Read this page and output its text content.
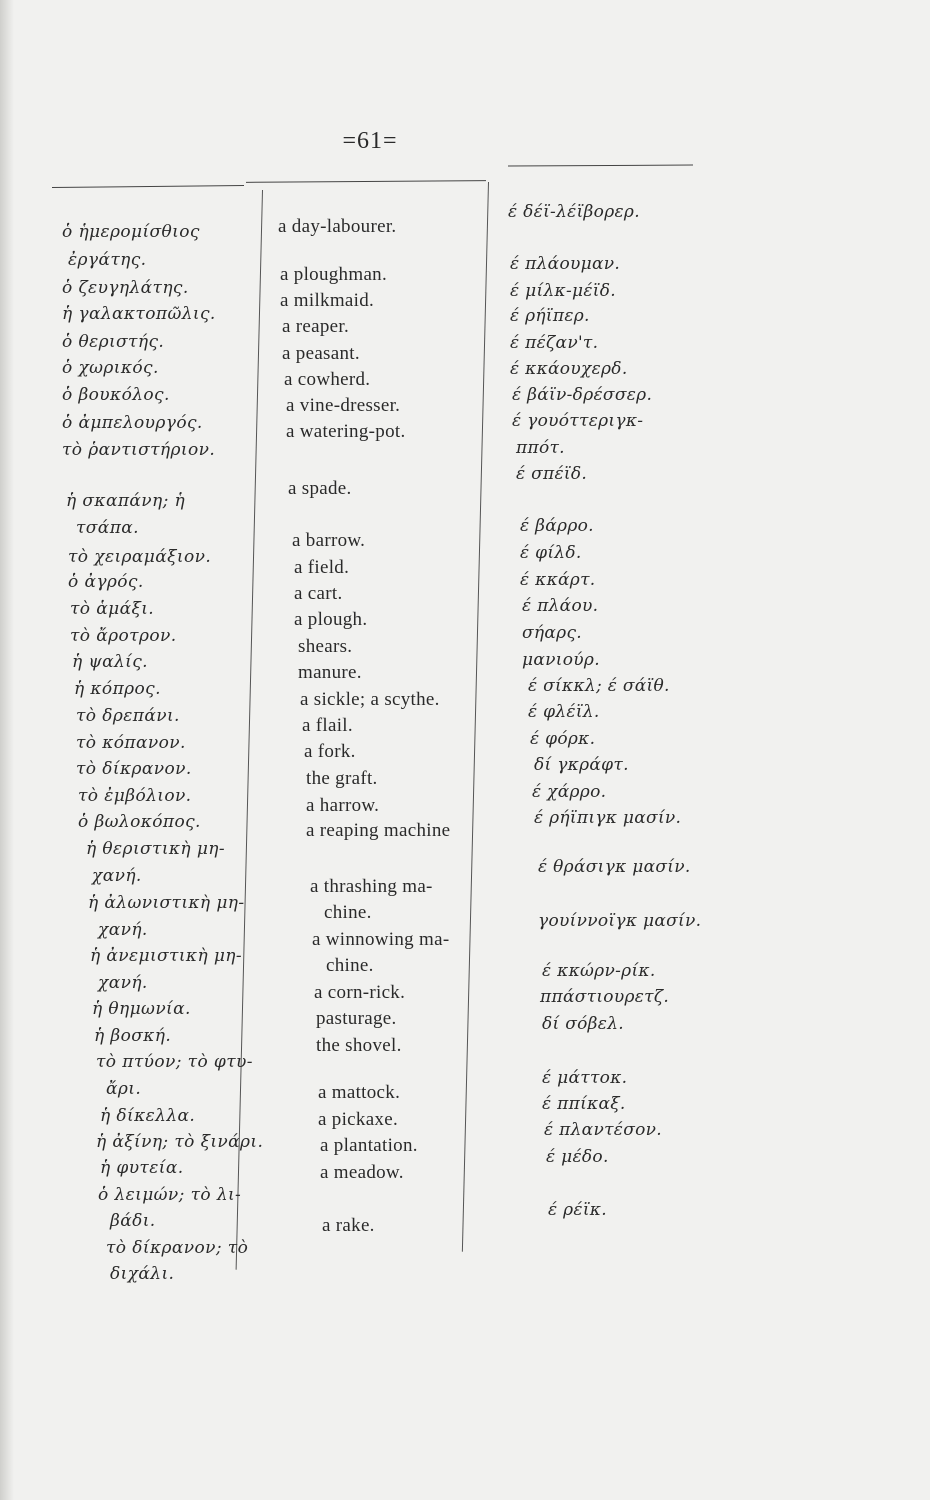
=61=
ὁ ἡμερομίσθιος
ἐργάτης.
ὁ ζευγηλάτης.
ἡ γαλακτοπῶλις.
ὁ θεριστής.
ὁ χωρικός.
ὁ βουκόλος.
ὁ ἀμπελουργός.
τὸ ῥαντιστήριον.
ἡ σκαπάνη; ἡ
τσάπα.
τὸ χειραμάξιον.
ὁ ἀγρός.
τὸ ἁμάξι.
τὸ ἄροτρον.
ἡ ψαλίς.
ἡ κόπρος.
τὸ δρεπάνι.
τὸ κόπανον.
τὸ δίκρανον.
τὸ ἐμβόλιον.
ὁ βωλοκόπος.
ἡ θεριστικὴ μη-
χανή.
ἡ ἀλωνιστικὴ μη-
χανή.
ἡ ἀνεμιστικὴ μη-
χανή.
ἡ θημωνία.
ἡ βοσκή.
τὸ πτύον; τὸ φτυ-
ἄρι.
ἡ δίκελλα.
ἡ ἀξίνη; τὸ ξινάρι.
ἡ φυτεία.
ὁ λειμών; τὸ λι-
βάδι.
τὸ δίκρανον; τὸ
διχάλι.
a day-labourer.
a ploughman.
a milkmaid.
a reaper.
a peasant.
a cowherd.
a vine-dresser.
a watering-pot.
a spade.
a barrow.
a field.
a cart.
a plough.
shears.
manure.
a sickle; a scythe.
a flail.
a fork.
the graft.
a harrow.
a reaping machine
a thrashing ma-
chine.
a winnowing ma-
chine.
a corn-rick.
pasturage.
the shovel.
a mattock.
a pickaxe.
a plantation.
a meadow.
a rake.
έ δέϊ-λέϊβορερ.
έ πλάουμαν.
έ μίλκ-μέϊδ.
έ ρήϊπερ.
έ πέζαν'τ.
έ κκάουχερδ.
έ βάϊν-δρέσσερ.
έ γουόττεριγκ-
ππότ.
έ σπέϊδ.
έ βάρρο.
έ φίλδ.
έ κκάρτ.
έ πλάου.
σήαρς.
μανιούρ.
έ σίκκλ; έ σάϊθ.
έ φλέϊλ.
έ φόρκ.
δί γκράφτ.
έ χάρρο.
έ ρήϊπιγκ μασίν.
έ θράσιγκ μασίν.
γουίννοϊγκ μασίν.
έ κκώρν-ρίκ.
ππάστιουρετζ.
δί σόβελ.
έ μάττοκ.
έ ππίκαξ.
έ πλαντέσον.
έ μέδο.
έ ρέϊκ.
